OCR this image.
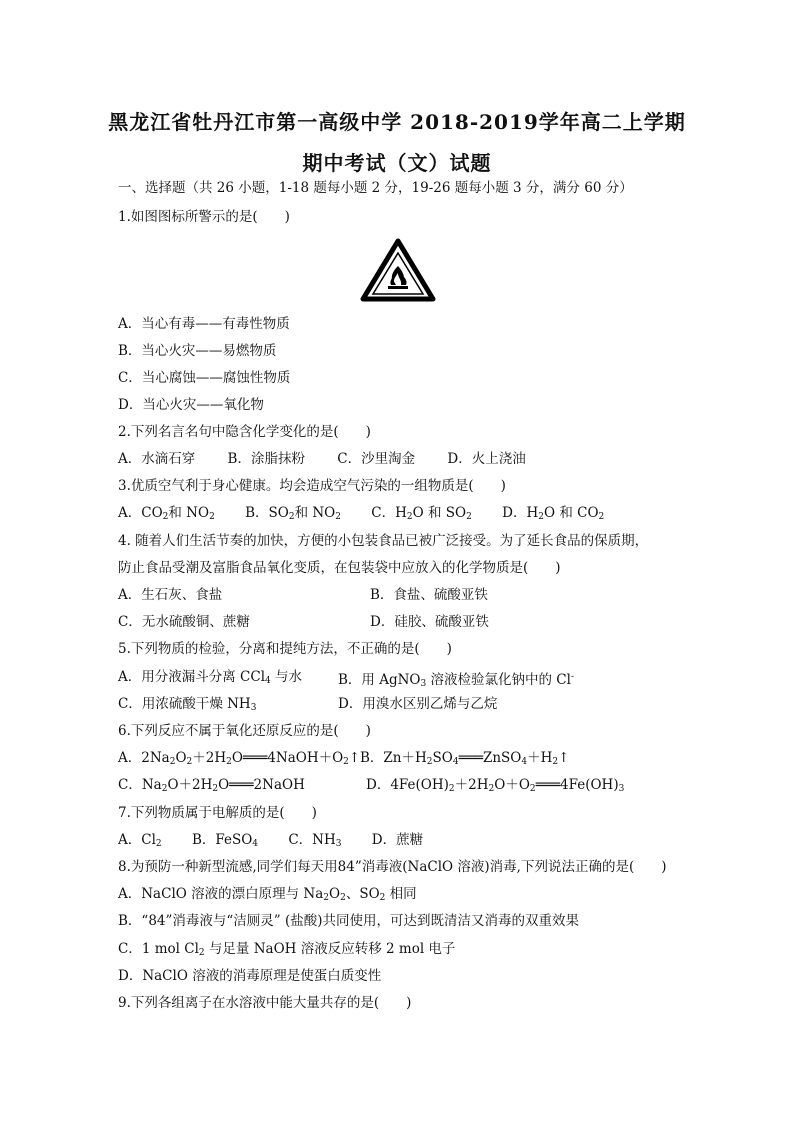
黑龙江省牡丹江市第一高级中学 2018-2019学年高二上学期
期中考试（文）试题
一、选择题（共 26 小题，1-18 题每小题 2 分，19-26 题每小题 3 分，满分 60 分）
1.如图图标所警示的是(　　)
A．当心有毒——有毒性物质
B．当心火灾——易燃物质
C．当心腐蚀——腐蚀性物质
D．当心火灾——氧化物
2.下列名言名句中隐含化学变化的是(　　)
A．水滴石穿 B．涂脂抹粉 C．沙里淘金 D．火上浇油
3.优质空气利于身心健康。均会造成空气污染的一组物质是(　　)
A．$CO_2$和 $NO_2$ B．$SO_2$和 $NO_2$ C．$H_2O$ 和 $SO_2$ D．$H_2O$ 和 $CO_2$
4. 随着人们生活节奏的加快，方便的小包装食品已被广泛接受。为了延长食品的保质期，
防止食品受潮及富脂食品氧化变质，在包装袋中应放入的化学物质是(　　)
A．生石灰、食盐	B．食盐、硫酸亚铁
C．无水硫酸铜、蔗糖	D．硅胶、硫酸亚铁
5.下列物质的检验，分离和提纯方法，不正确的是(　　)
A．用分液漏斗分离 CCl$_4$ 与水	B．用 AgNO$_3$ 溶液检验氯化钠中的 Cl-
C．用浓硫酸干燥 $NH_3$	D．用溴水区别乙烯与乙烷
6.下列反应不属于氧化还原反应的是(　　)
A．$2Na_2O_2+2H_2O═══4NaOH+O_2↑$ B．$Zn+H_2SO_4═══ZnSO_4+H_2↑$
C．$Na_2O+2H_2O═══2NaOH$	D．$4Fe(OH)_2+2H_2O+O_2═══4Fe(OH)_3$
7.下列物质属于电解质的是(　　)
A．$Cl_2$ B．FeSO$_4$ C．$NH_3$ D．蔗糖
8.为预防一种新型流感,同学们每天用84”消毒液(NaClO 溶液)消毒,下列说法正确的是(　　)
A．NaClO 溶液的漂白原理与 $Na_2O_2$、$SO_2$ 相同
B．“84”消毒液与“洁厕灵” (盐酸)共同使用，可达到既清洁又消毒的双重效果
C．1 mol $Cl_2$ 与足量 NaOH 溶液反应转移 2 mol 电子
D．NaClO 溶液的消毒原理是使蛋白质变性
9.下列各组离子在水溶液中能大量共存的是(　　)
